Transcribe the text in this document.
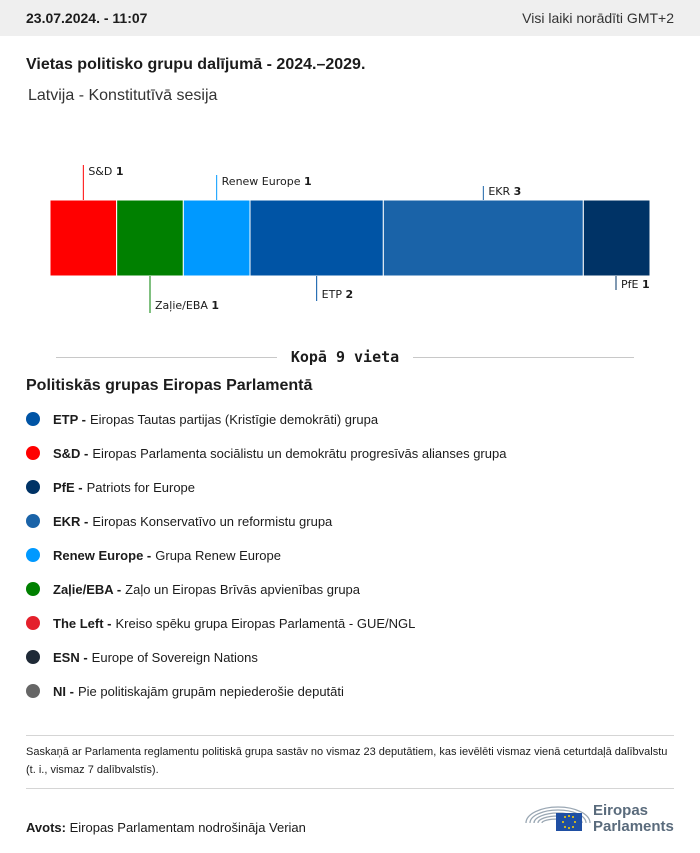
23.07.2024. - 11:07	Visi laiki norādīti GMT+2
Vietas politisko grupu dalījumā - 2024.–2029.
Latvija - Konstitutīvā sesija
S&D 1
Zaļie/EBA 1
Renew Europe 1
ETP 2
EKR 3
PfE 1
Kopā 9 vieta
Politiskās grupas Eiropas Parlamentā
ETP - Eiropas Tautas partijas (Kristīgie demokrāti) grupa
S&D - Eiropas Parlamenta sociālistu un demokrātu progresīvās alianses grupa
PfE - Patriots for Europe
EKR - Eiropas Konservatīvo un reformistu grupa
Renew Europe - Grupa Renew Europe
Zaļie/EBA - Zaļo un Eiropas Brīvās apvienības grupa
The Left - Kreiso spēku grupa Eiropas Parlamentā - GUE/NGL
ESN - Europe of Sovereign Nations
NI - Pie politiskajām grupām nepiederošie deputāti
Saskaņā ar Parlamenta reglamentu politiskā grupa sastāv no vismaz 23 deputātiem, kas ievēlēti vismaz vienā ceturtdaļā dalībvalstu (t. i., vismaz 7 dalībvalstīs).
Avots: Eiropas Parlamentam nodrošināja Verian
Eiropas
Parlaments
